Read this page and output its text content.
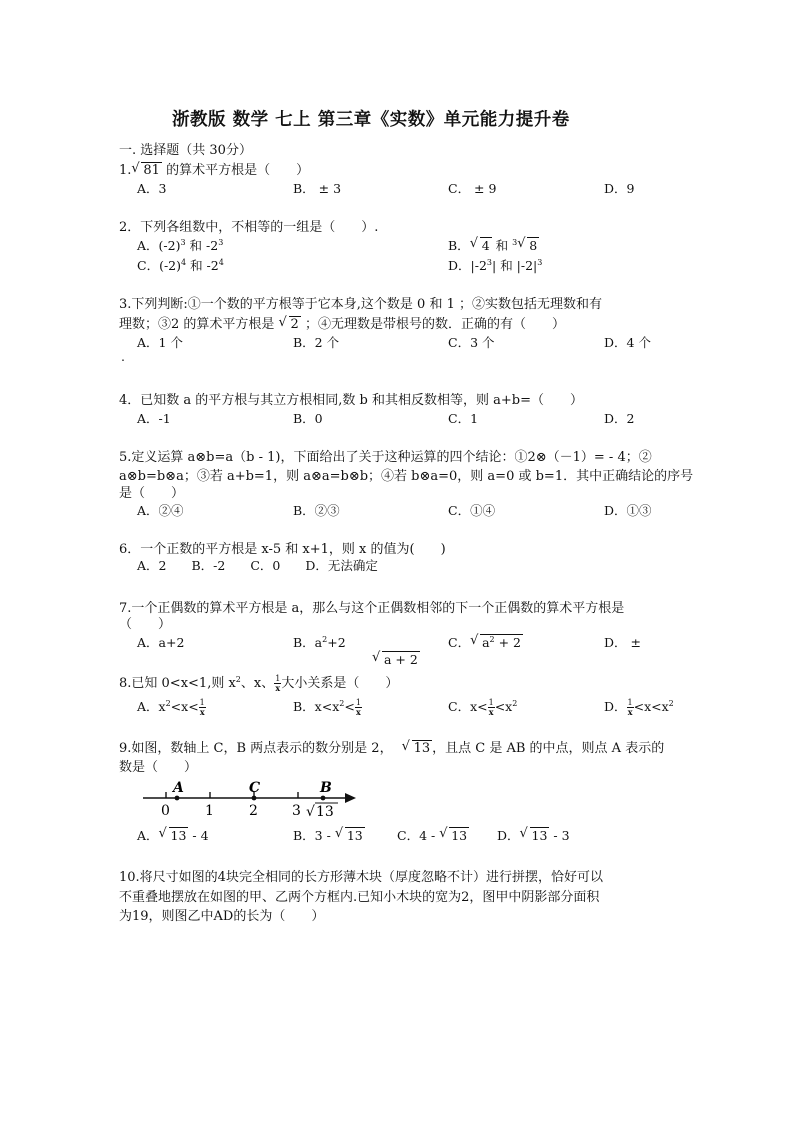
浙教版 数学 七上 第三章《实数》单元能力提升卷
一. 选择题（共 30分）
1. √ 81 的算术平方根是（　　）
A．3	B． ± 3	C． ± 9	D．9
2．下列各组数中，不相等的一组是（　　）.
A．$(-2)^3$ 和 $-2^3$	B． √ 4 和 $^3$ √ 8
C．$(-2)^4$ 和 $-2^4$	D．$|-2^3|$ 和 $|-2|^3$
3.下列判断:①一个数的平方根等于它本身,这个数是 0 和 1 ；②实数包括无理数和有
理数；③2 的算术平方根是 √ 2 ；④无理数是带根号的数．正确的有（　　）
A．1 个	B．2 个	C．3 个	D．4 个
.
4．已知数 a 的平方根与其立方根相同,数 b 和其相反数相等，则 a+b=（　　）
A．-1	B．0	C．1	D．2
5.定义运算 a⊗b=a（b - 1)，下面给出了关于这种运算的四个结论：①2⊗（－1）= - 4；②
a⊗b=b⊗a；③若 a+b=1，则 a⊗a=b⊗b；④若 b⊗a=0，则 a=0 或 b=1．其中正确结论的序号
是（　　）
A．②④	B．②③	C．①④	D．①③
6．一个正数的平方根是 x-5 和 x+1，则 x 的值为(　　)
A．2　　B．-2　　C．0　　D．无法确定
7.一个正偶数的算术平方根是 a，那么与这个正偶数相邻的下一个正偶数的算术平方根是
（　　）
A．a+2	B．$a^2+2$	C． √ $a^2 + 2$	D． ±
√ a + 2
8.已知 0<x<1,则 $x^2$、x、 $\frac{1}{x}$ 大小关系是（　　）
A．$x^2<x< \frac{1}{x}$	B．$x<x^2< \frac{1}{x}$	C．$x< \frac{1}{x} <x^2$	D． $\frac{1}{x} <x<x^2$
9.如图，数轴上 C，B 两点表示的数分别是 2， √ 13 ，且点 C 是 AB 的中点，则点 A 表示的
数是（　　）
A	C	B
0	1	2 3 √ 13
A． √ 13 - 4	B．3 - √ 13	C．4 - √ 13 D． √ 13 - 3
10.将尺寸如图的4块完全相同的长方形薄木块（厚度忽略不计）进行拼摆，恰好可以
不重叠地摆放在如图的甲、乙两个方框内.已知小木块的宽为2，图甲中阴影部分面积
为19，则图乙中AD的长为（　　）
